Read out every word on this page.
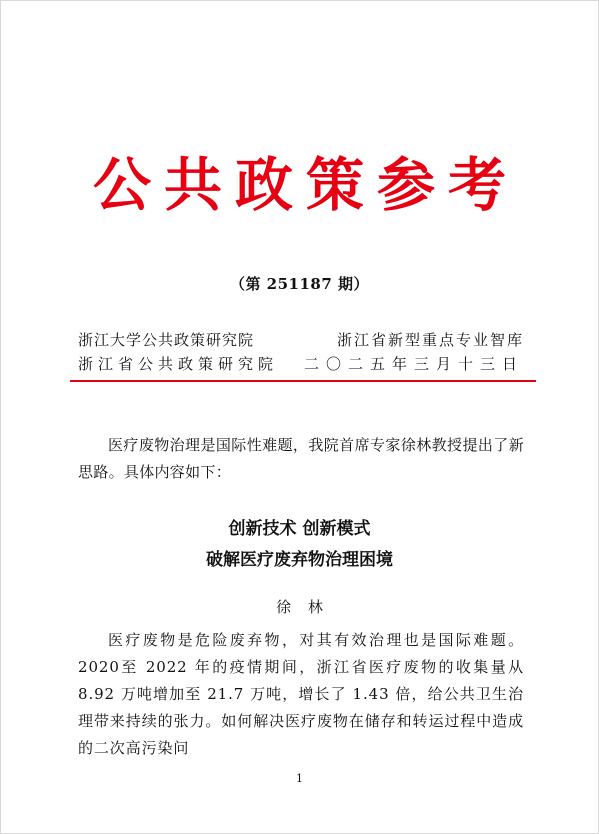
公共政策参考
（第 251187 期）
浙江大学公共政策研究院	浙江省新型重点专业智库
浙江省公共政策研究院 二〇二五年三月十三日

医疗废物治理是国际性难题，我院首席专家徐林教授提出了新思路。具体内容如下：

创新技术 创新模式
破解医疗废弃物治理困境
徐 林

医疗废物是危险废弃物，对其有效治理也是国际难题。2020至 2022 年的疫情期间，浙江省医疗废物的收集量从 8.92 万吨增加至 21.7 万吨，增长了 1.43 倍，给公共卫生治理带来持续的张力。如何解决医疗废物在储存和转运过程中造成的二次高污染问

1
